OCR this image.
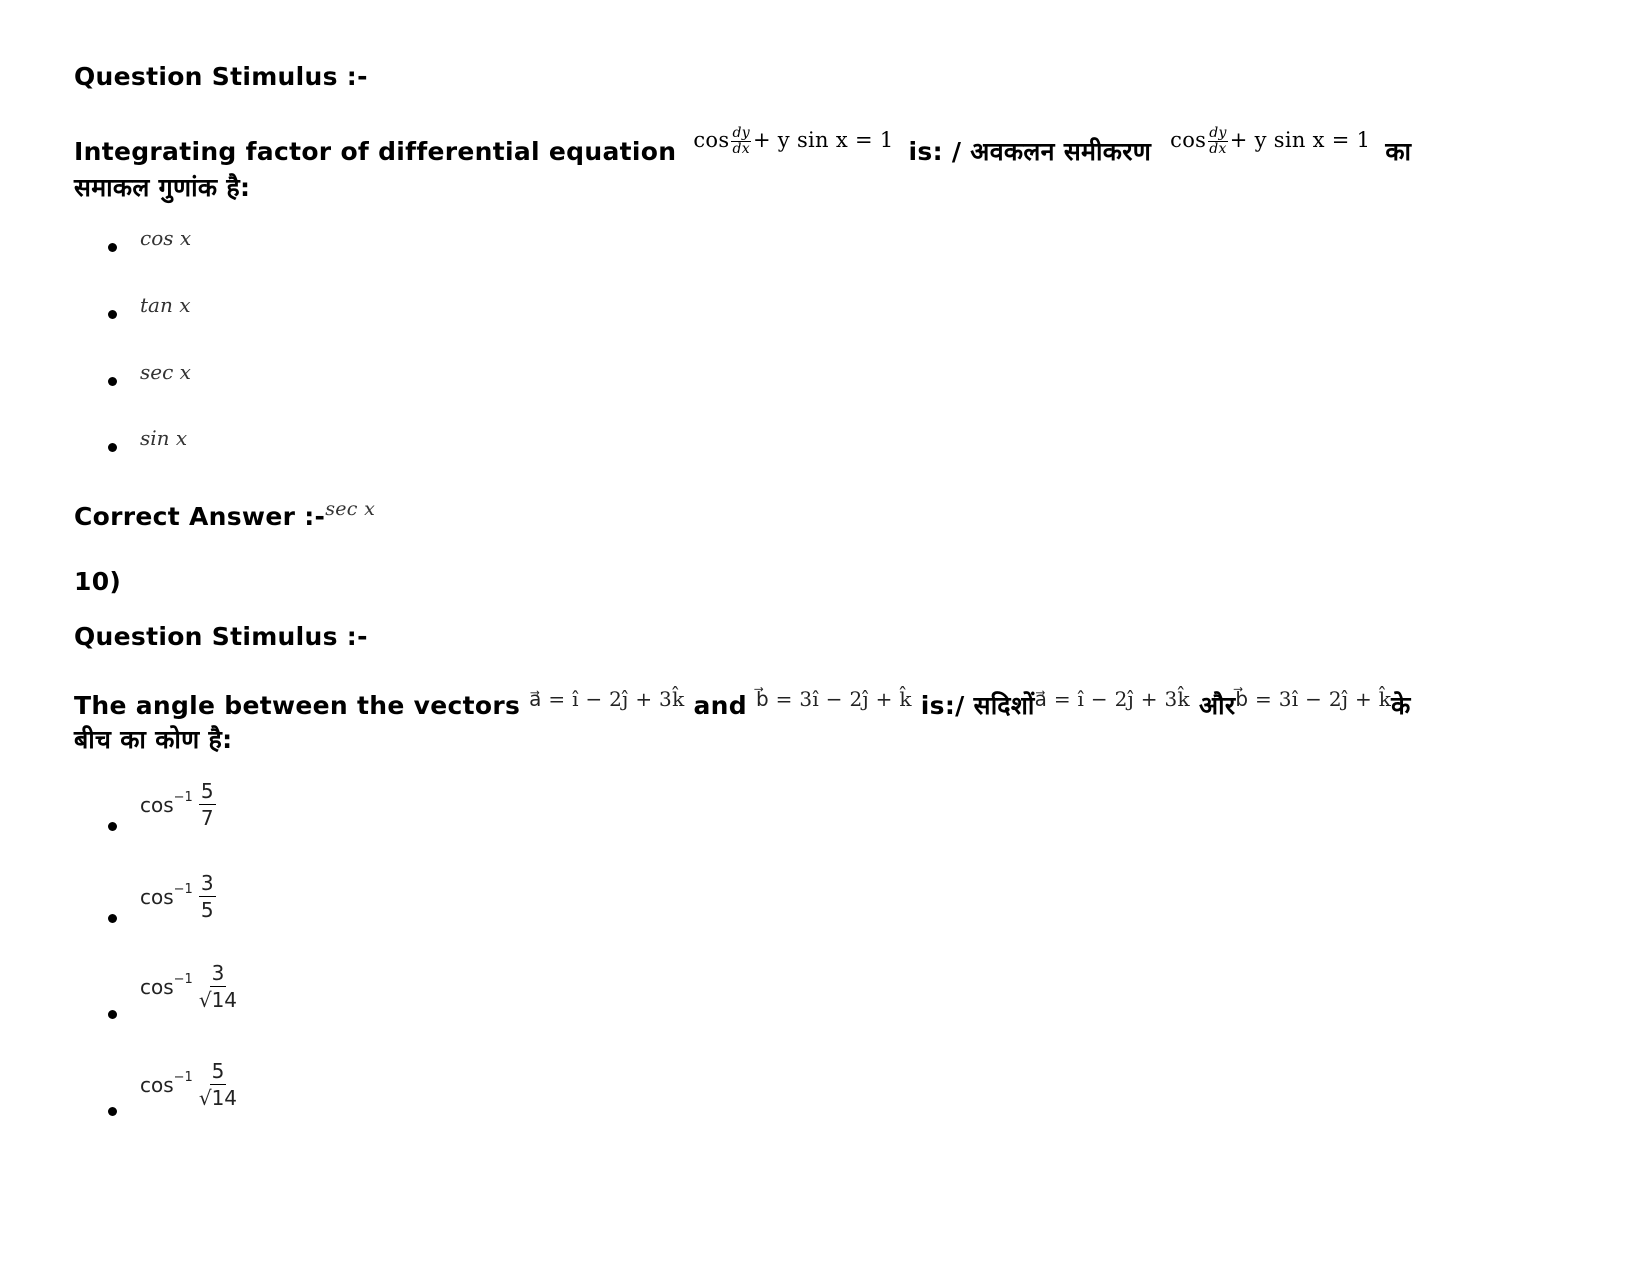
Question Stimulus :-
Integrating factor of differential equation $\cos \frac{dy}{dx} + y$ sin x = 1 is: / अवकलन समीकरण $\cos \frac{dy}{dx} + y$ sin x = 1 का
समाकल गुणांक है:
cos x
tan x
sec x
sin x
Correct Answer :-$^{sec x}$
10)
Question Stimulus :-
The angle between the vectors $^{a⃗ = î - 2ĵ + 3k̂}$ and $^{b⃗ = 3î - 2ĵ + k̂}$ is:/ सदिशों$^{a⃗ = î - 2ĵ + 3k̂}$ और$^{b⃗ = 3î - 2ĵ + k̂}$के
बीच का कोण है:
$\cos^{-1} \frac{5}{7}$
$\cos^{-1} \frac{3}{5}$
$\cos^{-1} \frac{3}{√14}$
$\cos^{-1} \frac{5}{√14}$
